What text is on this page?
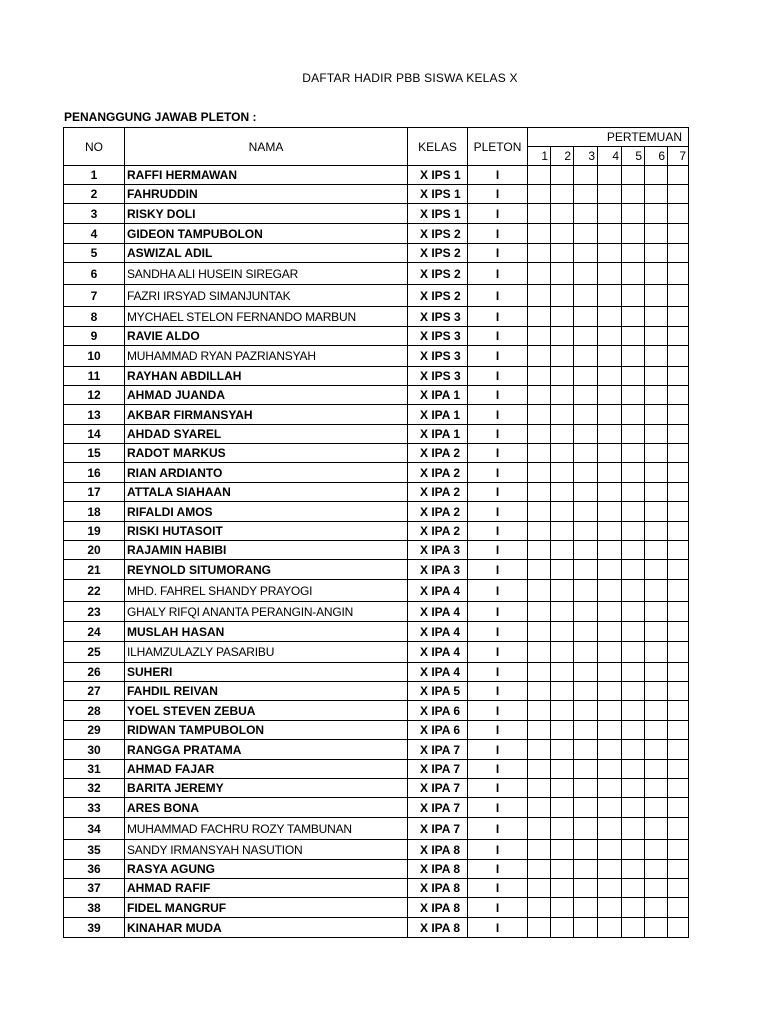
DAFTAR HADIR PBB SISWA KELAS X
PENANGGUNG JAWAB PLETON :
NO	NAMA	KELAS	PLETON	PERTEMUAN						
				1	2	3	4	5	6	7
1	RAFFI HERMAWAN	X IPS 1	I							
2	FAHRUDDIN	X IPS 1	I							
3	RISKY DOLI	X IPS 1	I							
4	GIDEON TAMPUBOLON	X IPS 2	I							
5	ASWIZAL ADIL	X IPS 2	I							
6	SANDHA ALI HUSEIN SIREGAR	X IPS 2	I							
7	FAZRI IRSYAD SIMANJUNTAK	X IPS 2	I							
8	MYCHAEL STELON FERNANDO MARBUN	X IPS 3	I							
9	RAVIE ALDO	X IPS 3	I							
10	MUHAMMAD RYAN PAZRIANSYAH	X IPS 3	I							
11	RAYHAN ABDILLAH	X IPS 3	I							
12	AHMAD JUANDA	X IPA 1	I							
13	AKBAR FIRMANSYAH	X IPA 1	I							
14	AHDAD SYAREL	X IPA 1	I							
15	RADOT MARKUS	X IPA 2	I							
16	RIAN ARDIANTO	X IPA 2	I							
17	ATTALA SIAHAAN	X IPA 2	I							
18	RIFALDI AMOS	X IPA 2	I							
19	RISKI HUTASOIT	X IPA 2	I							
20	RAJAMIN HABIBI	X IPA 3	I							
21	REYNOLD SITUMORANG	X IPA 3	I							
22	MHD. FAHREL SHANDY PRAYOGI	X IPA 4	I							
23	GHALY RIFQI ANANTA PERANGIN-ANGIN	X IPA 4	I							
24	MUSLAH HASAN	X IPA 4	I							
25	ILHAMZULAZLY PASARIBU	X IPA 4	I							
26	SUHERI	X IPA 4	I							
27	FAHDIL REIVAN	X IPA 5	I							
28	YOEL STEVEN ZEBUA	X IPA 6	I							
29	RIDWAN TAMPUBOLON	X IPA 6	I							
30	RANGGA PRATAMA	X IPA 7	I							
31	AHMAD FAJAR	X IPA 7	I							
32	BARITA JEREMY	X IPA 7	I							
33	ARES BONA	X IPA 7	I							
34	MUHAMMAD FACHRU ROZY TAMBUNAN	X IPA 7	I							
35	SANDY IRMANSYAH NASUTION	X IPA 8	I							
36	RASYA AGUNG	X IPA 8	I							
37	AHMAD RAFIF	X IPA 8	I							
38	FIDEL MANGRUF	X IPA 8	I							
39	KINAHAR MUDA	X IPA 8	I							
